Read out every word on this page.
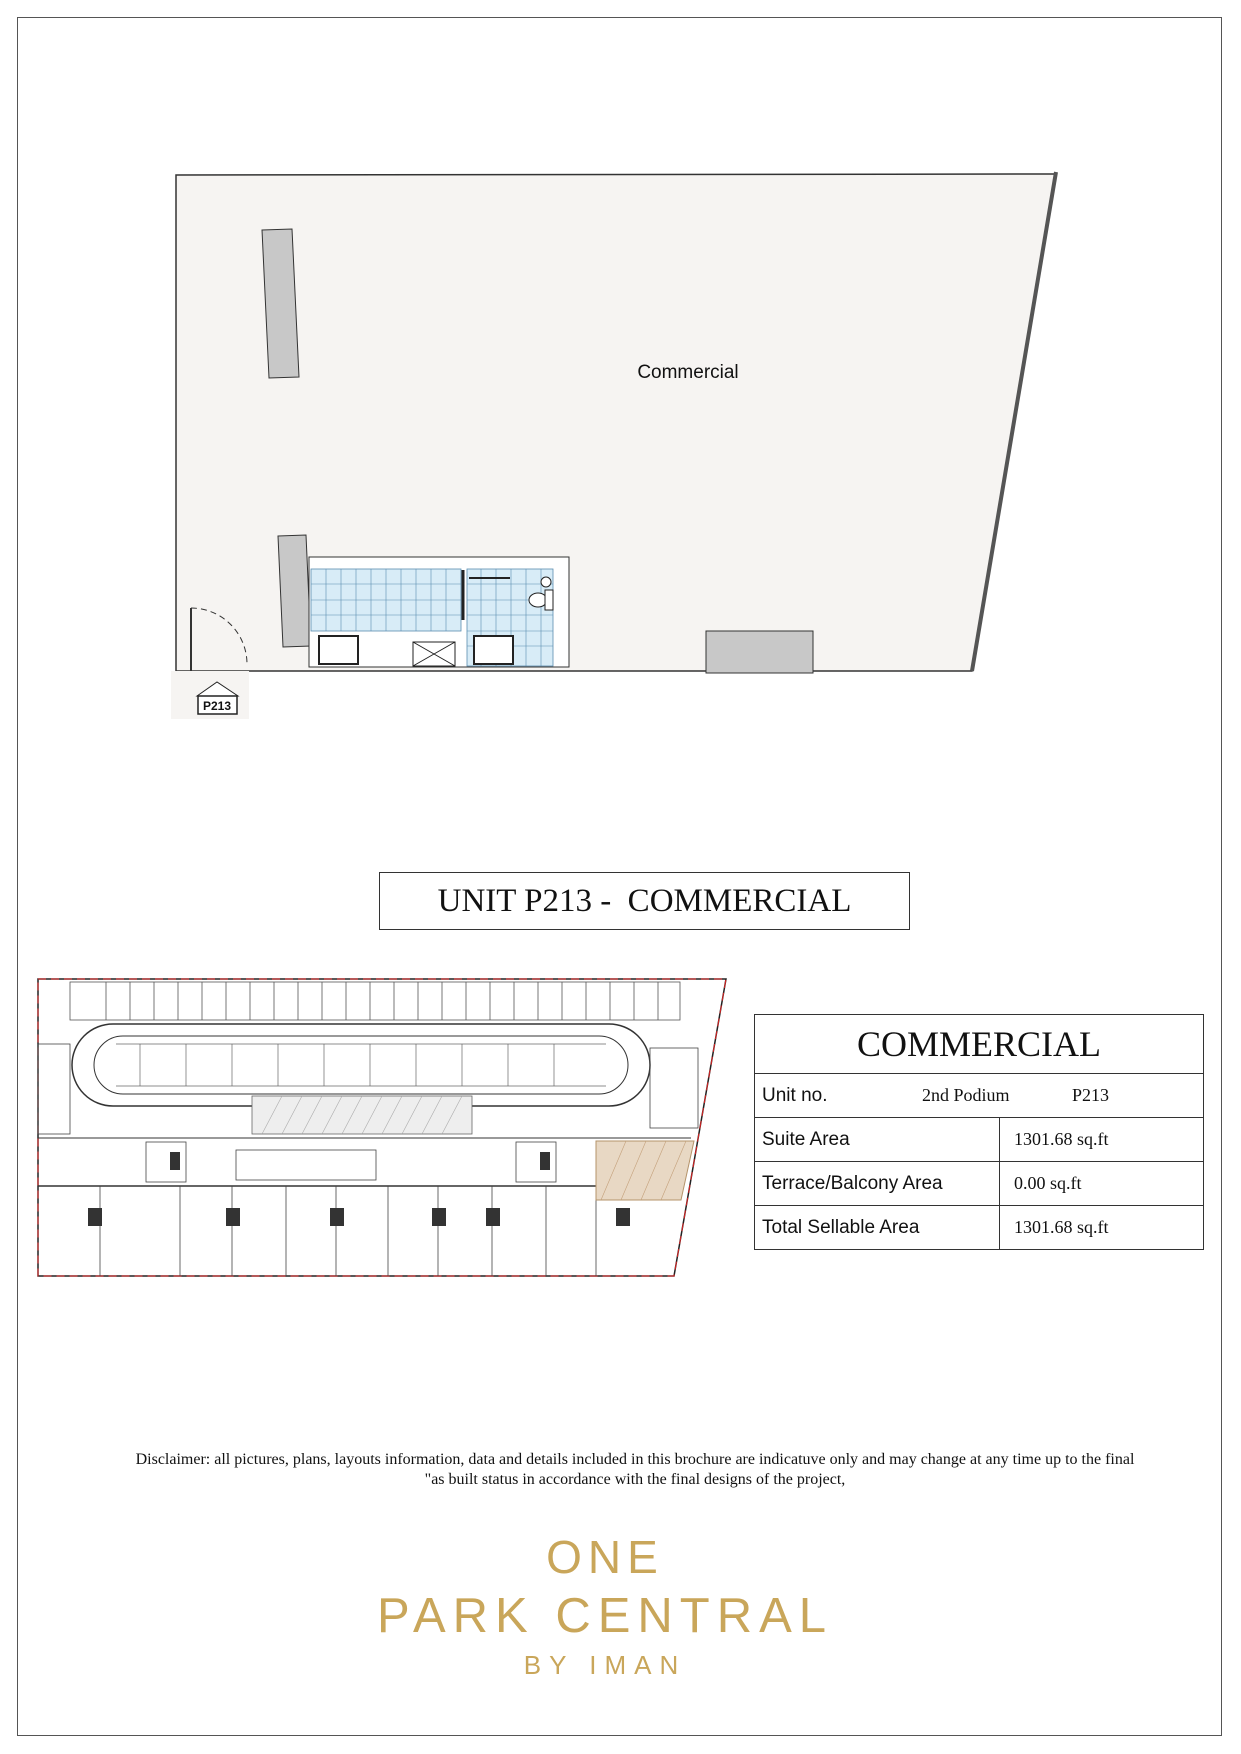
P213
Commercial
UNIT P213 -  COMMERCIAL
COMMERCIAL	

Unit no. 2nd Podium P213	

Suite Area	1301.68 sq.ft
Terrace/Balcony Area	0.00 sq.ft
Total Sellable Area	1301.68 sq.ft
Disclaimer: all pictures, plans, layouts information, data and details included in this brochure are indicatuve only and may change at any time up to the final
"as built status in accordance with the final designs of the project,
ONE
PARK CENTRAL
BY IMAN
